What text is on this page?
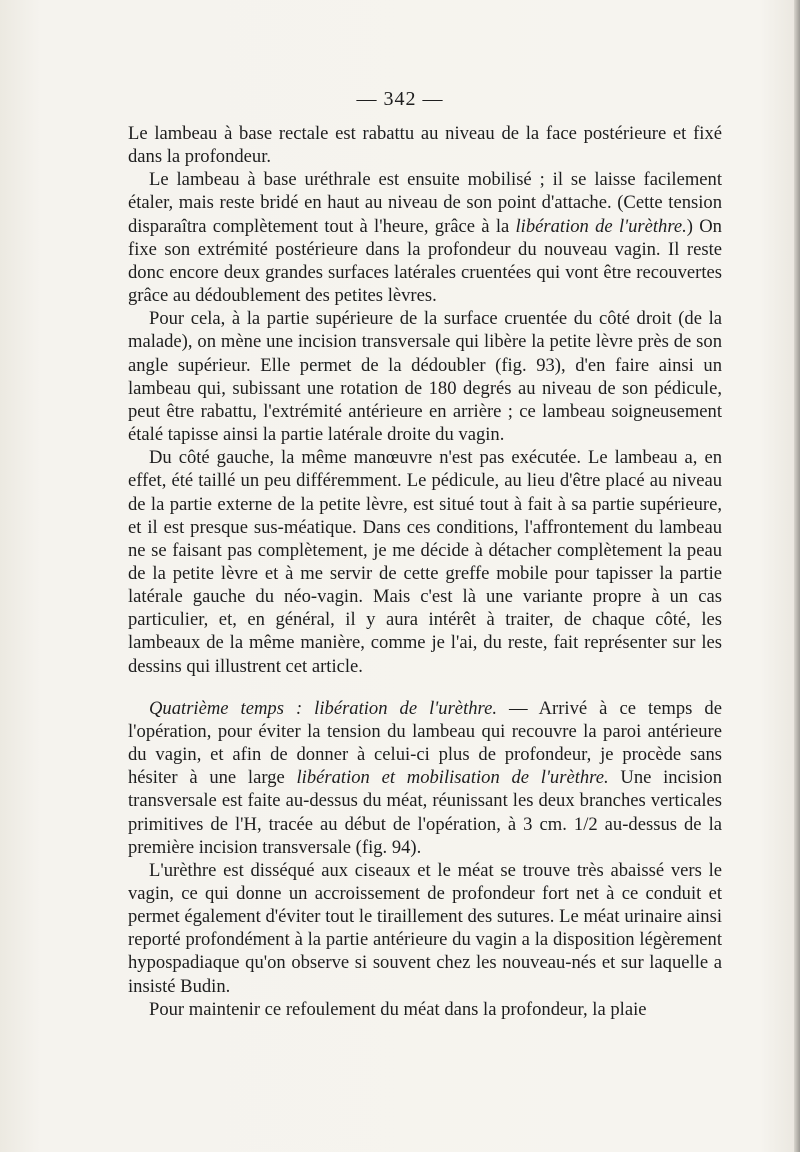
— 342 —

Le lambeau à base rectale est rabattu au niveau de la face postérieure et fixé dans la profondeur.

Le lambeau à base uréthrale est ensuite mobilisé ; il se laisse facilement étaler, mais reste bridé en haut au niveau de son point d'attache. (Cette tension disparaîtra complètement tout à l'heure, grâce à la libération de l'urèthre.) On fixe son extrémité postérieure dans la profondeur du nouveau vagin. Il reste donc encore deux grandes surfaces latérales cruentées qui vont être recouvertes grâce au dédoublement des petites lèvres.

Pour cela, à la partie supérieure de la surface cruentée du côté droit (de la malade), on mène une incision transversale qui libère la petite lèvre près de son angle supérieur. Elle permet de la dédoubler (fig. 93), d'en faire ainsi un lambeau qui, subissant une rotation de 180 degrés au niveau de son pédicule, peut être rabattu, l'extrémité antérieure en arrière ; ce lambeau soigneusement étalé tapisse ainsi la partie latérale droite du vagin.

Du côté gauche, la même manœuvre n'est pas exécutée. Le lambeau a, en effet, été taillé un peu différemment. Le pédicule, au lieu d'être placé au niveau de la partie externe de la petite lèvre, est situé tout à fait à sa partie supérieure, et il est presque sus-méatique. Dans ces conditions, l'affrontement du lambeau ne se faisant pas complètement, je me décide à détacher complètement la peau de la petite lèvre et à me servir de cette greffe mobile pour tapisser la partie latérale gauche du néo-vagin. Mais c'est là une variante propre à un cas particulier, et, en général, il y aura intérêt à traiter, de chaque côté, les lambeaux de la même manière, comme je l'ai, du reste, fait représenter sur les dessins qui illustrent cet article.

Quatrième temps : libération de l'urèthre. — Arrivé à ce temps de l'opération, pour éviter la tension du lambeau qui recouvre la paroi antérieure du vagin, et afin de donner à celui-ci plus de profondeur, je procède sans hésiter à une large libération et mobilisation de l'urèthre. Une incision transversale est faite au-dessus du méat, réunissant les deux branches verticales primitives de l'H, tracée au début de l'opération, à 3 cm. 1/2 au-dessus de la première incision transversale (fig. 94).

L'urèthre est disséqué aux ciseaux et le méat se trouve très abaissé vers le vagin, ce qui donne un accroissement de profondeur fort net à ce conduit et permet également d'éviter tout le tiraillement des sutures. Le méat urinaire ainsi reporté profondément à la partie antérieure du vagin a la disposition légèrement hypospadiaque qu'on observe si souvent chez les nouveau-nés et sur laquelle a insisté Budin.

Pour maintenir ce refoulement du méat dans la profondeur, la plaie
